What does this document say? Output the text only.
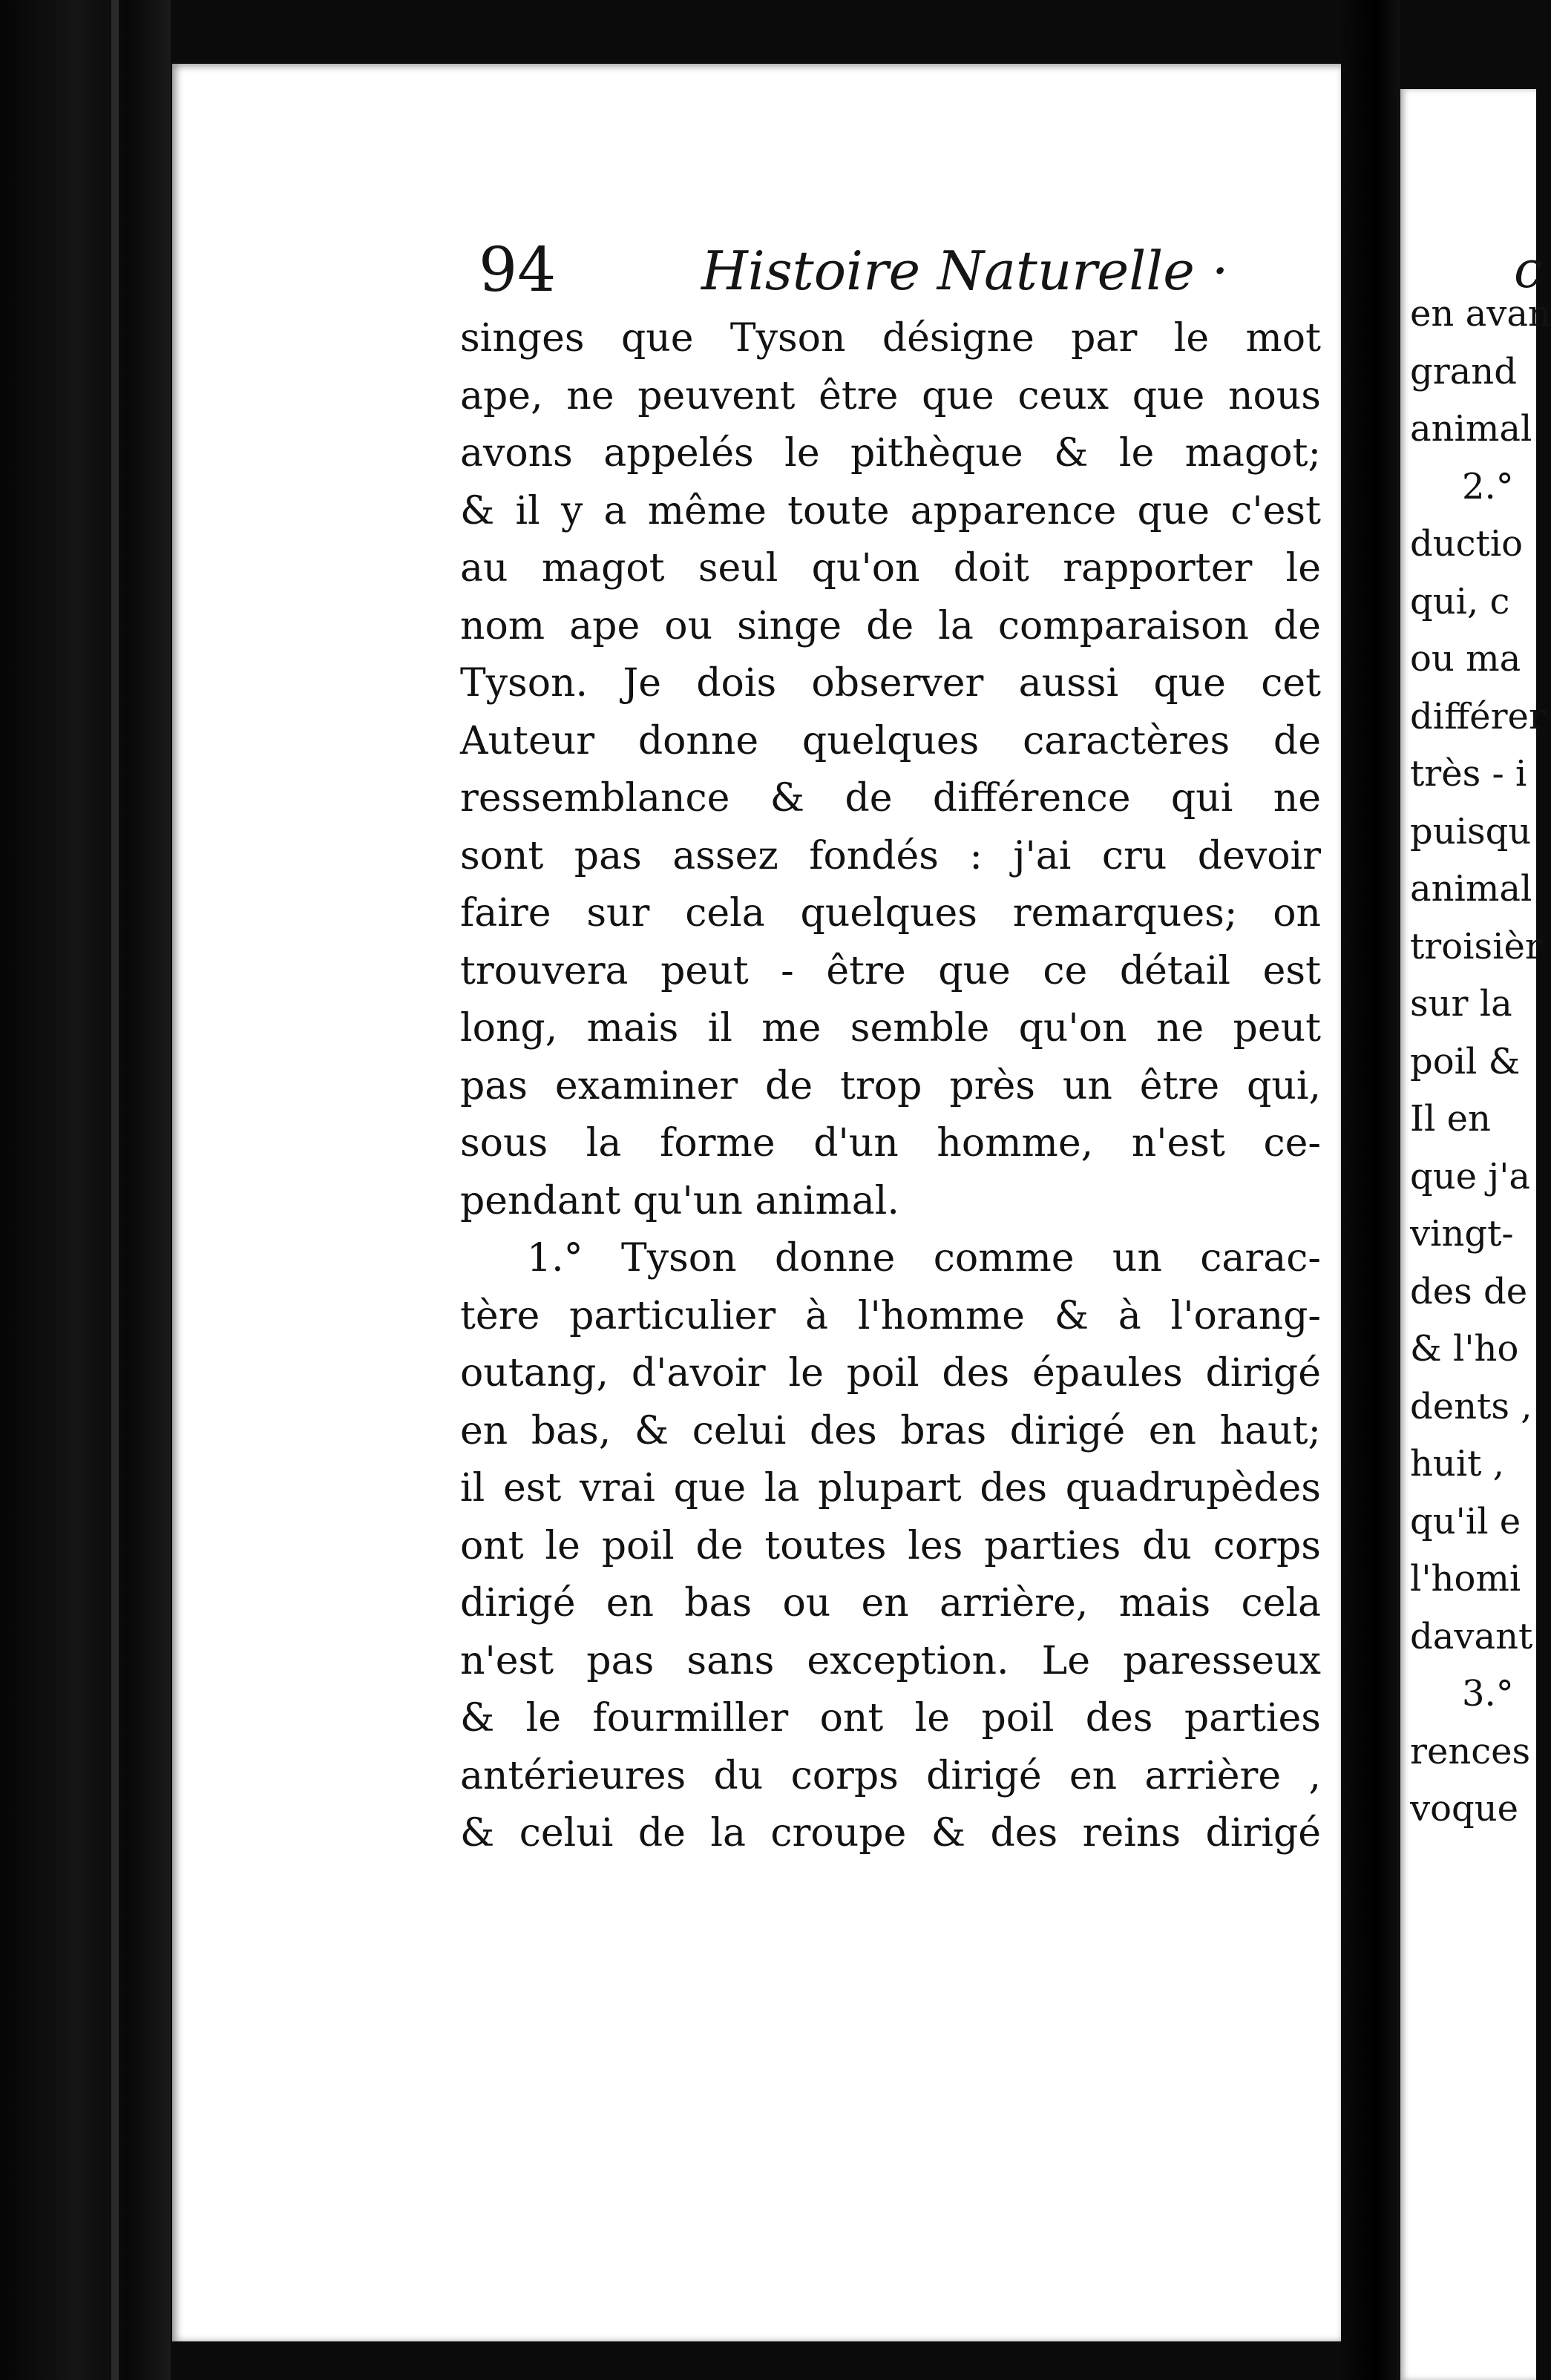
94	Histoire Naturelle ·
singes que Tyson désigne par le mot
ape, ne peuvent être que ceux que nous
avons appelés le pithèque & le magot;
& il y a même toute apparence que c'est
au magot seul qu'on doit rapporter le
nom ape ou singe de la comparaison de
Tyson. Je dois observer aussi que cet
Auteur donne quelques caractères de
ressemblance & de différence qui ne
sont pas assez fondés : j'ai cru devoir
faire sur cela quelques remarques; on
trouvera peut - être que ce détail est
long, mais il me semble qu'on ne peut
pas examiner de trop près un être qui,
sous la forme d'un homme, n'est ce-
pendant qu'un animal.
1.° Tyson donne comme un carac-
tère particulier à l'homme & à l'orang-
outang, d'avoir le poil des épaules dirigé
en bas, & celui des bras dirigé en haut;
il est vrai que la plupart des quadrupèdes
ont le poil de toutes les parties du corps
dirigé en bas ou en arrière, mais cela
n'est pas sans exception. Le paresseux
& le fourmiller ont le poil des parties
antérieures du corps dirigé en arrière ,
& celui de la croupe & des reins dirigé
c
en avan
grand
animal
2.°
ductio
qui, c
ou ma
différer
très - i
puisqu
animal
troisièr
sur la
poil &
Il en
que j'a
vingt-
des de
& l'ho
dents ,
huit ,
qu'il e
l'homi
davant
3.°
rences
voque
